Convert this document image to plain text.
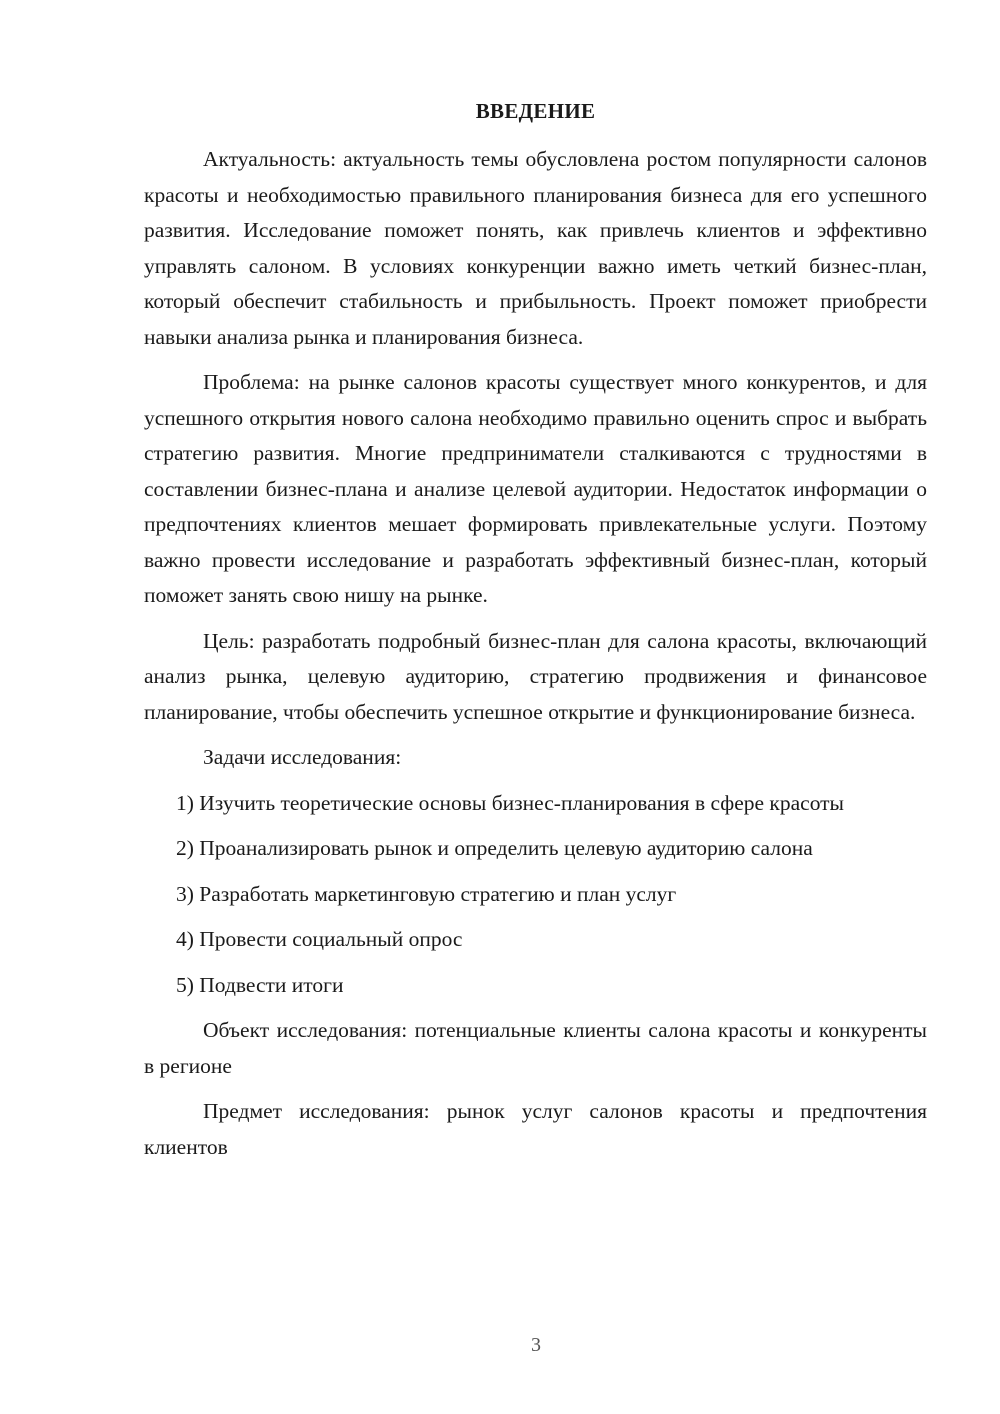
ВВЕДЕНИЕ

Актуальность: актуальность темы обусловлена ростом популярности салонов красоты и необходимостью правильного планирования бизнеса для его успешного развития. Исследование поможет понять, как привлечь клиентов и эффективно управлять салоном. В условиях конкуренции важно иметь четкий бизнес-план, который обеспечит стабильность и прибыльность. Проект поможет приобрести навыки анализа рынка и планирования бизнеса.

Проблема: на рынке салонов красоты существует много конкурентов, и для успешного открытия нового салона необходимо правильно оценить спрос и выбрать стратегию развития. Многие предприниматели сталкиваются с трудностями в составлении бизнес-плана и анализе целевой аудитории. Недостаток информации о предпочтениях клиентов мешает формировать привлекательные услуги. Поэтому важно провести исследование и разработать эффективный бизнес-план, который поможет занять свою нишу на рынке.

Цель: разработать подробный бизнес-план для салона красоты, включающий анализ рынка, целевую аудиторию, стратегию продвижения и финансовое планирование, чтобы обеспечить успешное открытие и функционирование бизнеса.

Задачи исследования:

1) Изучить теоретические основы бизнес-планирования в сфере красоты

2) Проанализировать рынок и определить целевую аудиторию салона

3) Разработать маркетинговую стратегию и план услуг

4) Провести социальный опрос

5) Подвести итоги

Объект исследования: потенциальные клиенты салона красоты и конкуренты в регионе

Предмет исследования: рынок услуг салонов красоты и предпочтения клиентов

3
